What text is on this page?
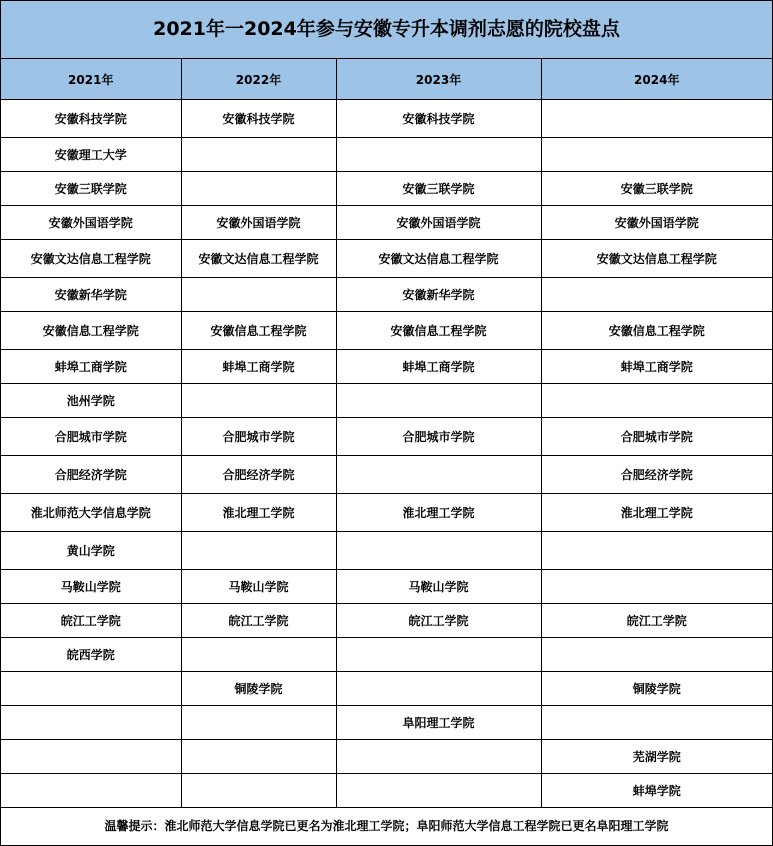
2021年一2024年参与安徽专升本调剂志愿的院校盘点
2021年	2022年	2023年	2024年
安徽科技学院	安徽科技学院	安徽科技学院	
安徽理工大学			
安徽三联学院		安徽三联学院	安徽三联学院
安徽外国语学院	安徽外国语学院	安徽外国语学院	安徽外国语学院
安徽文达信息工程学院	安徽文达信息工程学院	安徽文达信息工程学院	安徽文达信息工程学院
安徽新华学院		安徽新华学院	
安徽信息工程学院	安徽信息工程学院	安徽信息工程学院	安徽信息工程学院
蚌埠工商学院	蚌埠工商学院	蚌埠工商学院	蚌埠工商学院
池州学院			
合肥城市学院	合肥城市学院	合肥城市学院	合肥城市学院
合肥经济学院	合肥经济学院		合肥经济学院
淮北师范大学信息学院	淮北理工学院	淮北理工学院	淮北理工学院
黄山学院			
马鞍山学院	马鞍山学院	马鞍山学院	
皖江工学院	皖江工学院	皖江工学院	皖江工学院
皖西学院			
	铜陵学院		铜陵学院
		阜阳理工学院	
			芜湖学院
			蚌埠学院
温馨提示：淮北师范大学信息学院已更名为淮北理工学院；阜阳师范大学信息工程学院已更名阜阳理工学院
